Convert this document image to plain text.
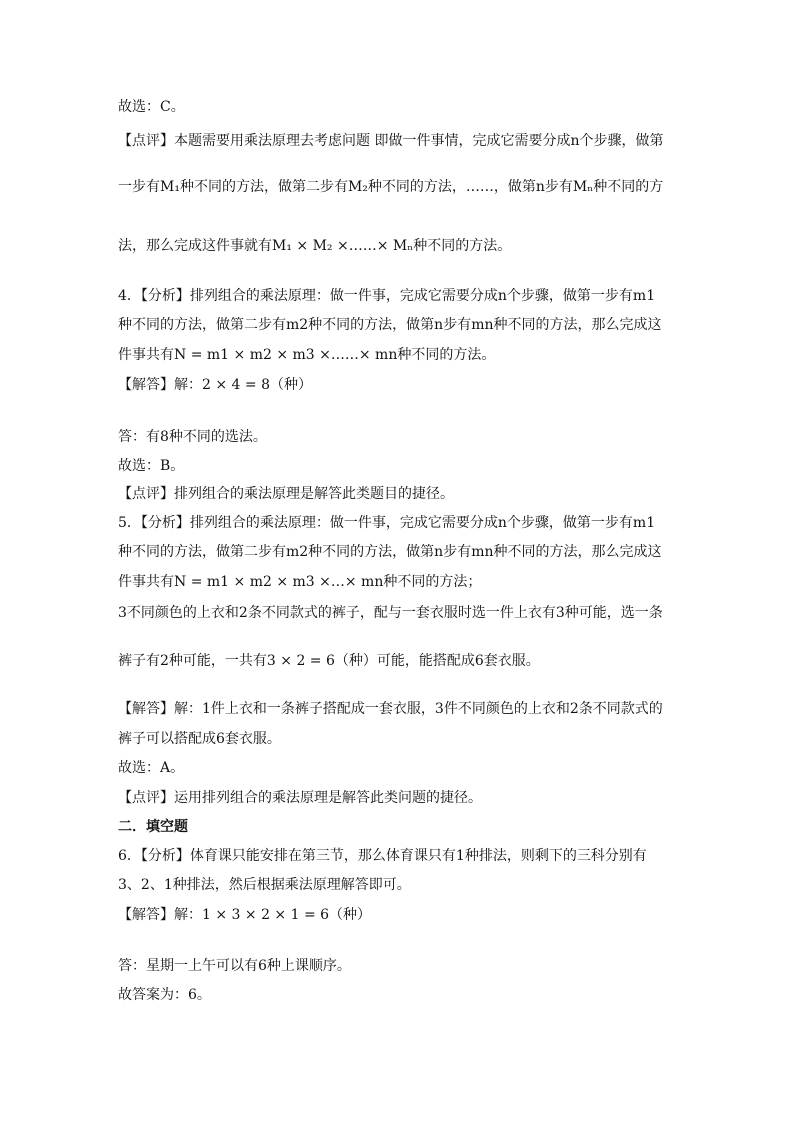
故选：C。
【点评】本题需要用乘法原理去考虑问题 即做一件事情，完成它需要分成n个步骤，做第
一步有M₁种不同的方法，做第二步有M₂种不同的方法，……，做第n步有Mₙ种不同的方
法，那么完成这件事就有M₁ × M₂ ×……× Mₙ种不同的方法。
4．【分析】排列组合的乘法原理：做一件事，完成它需要分成n个步骤，做第一步有m1
种不同的方法，做第二步有m2种不同的方法，做第n步有mn种不同的方法，那么完成这
件事共有N = m1 × m2 × m3 ×……× mn种不同的方法。
【解答】解：2 × 4 = 8（种）
答：有8种不同的选法。
故选：B。
【点评】排列组合的乘法原理是解答此类题目的捷径。
5．【分析】排列组合的乘法原理：做一件事，完成它需要分成n个步骤，做第一步有m1
种不同的方法，做第二步有m2种不同的方法，做第n步有mn种不同的方法，那么完成这
件事共有N = m1 × m2 × m3 ×…× mn种不同的方法；
3不同颜色的上衣和2条不同款式的裤子，配与一套衣服时选一件上衣有3种可能，选一条
裤子有2种可能，一共有3 × 2 = 6（种）可能，能搭配成6套衣服。
【解答】解：1件上衣和一条裤子搭配成一套衣服，3件不同颜色的上衣和2条不同款式的
裤子可以搭配成6套衣服。
故选：A。
【点评】运用排列组合的乘法原理是解答此类问题的捷径。
二．填空题
6．【分析】体育课只能安排在第三节，那么体育课只有1种排法，则剩下的三科分别有
3、2、1种排法，然后根据乘法原理解答即可。
【解答】解：1 × 3 × 2 × 1 = 6（种）
答：星期一上午可以有6种上课顺序。
故答案为：6。
